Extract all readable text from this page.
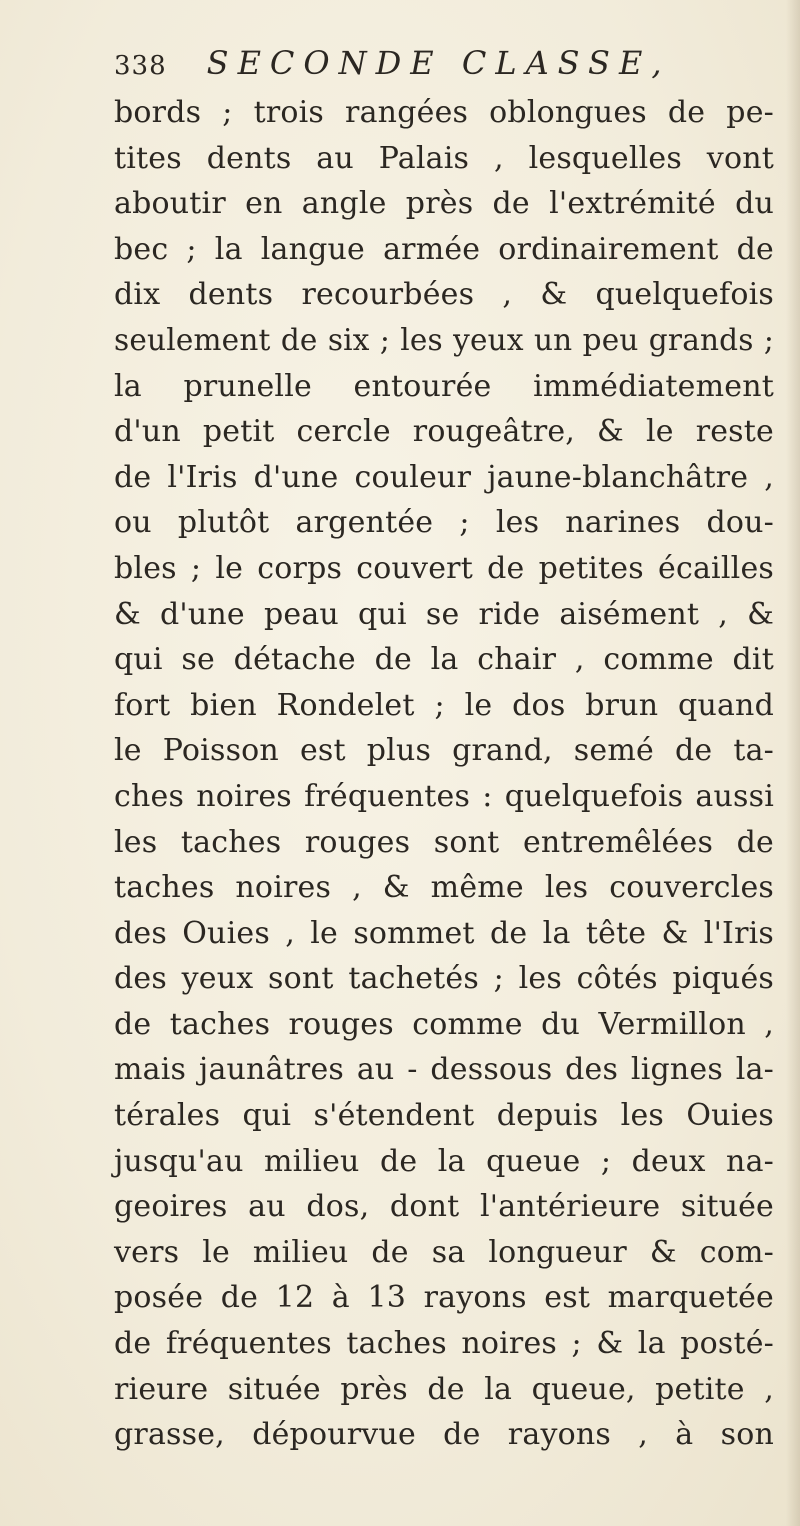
338 SECONDE CLASSE,
bords ; trois rangées oblongues de pe-
tites dents au Palais , lesquelles vont
aboutir en angle près de l'extrémité du
bec ; la langue armée ordinairement de
dix dents recourbées , & quelquefois
seulement de six ; les yeux un peu grands ;
la prunelle entourée immédiatement
d'un petit cercle rougeâtre, & le reste
de l'Iris d'une couleur jaune-blanchâtre ,
ou plutôt argentée ; les narines dou-
bles ; le corps couvert de petites écailles
& d'une peau qui se ride aisément , &
qui se détache de la chair , comme dit
fort bien Rondelet ; le dos brun quand
le Poisson est plus grand, semé de ta-
ches noires fréquentes : quelquefois aussi
les taches rouges sont entremêlées de
taches noires , & même les couvercles
des Ouies , le sommet de la tête & l'Iris
des yeux sont tachetés ; les côtés piqués
de taches rouges comme du Vermillon ,
mais jaunâtres au - dessous des lignes la-
térales qui s'étendent depuis les Ouies
jusqu'au milieu de la queue ; deux na-
geoires au dos, dont l'antérieure située
vers le milieu de sa longueur & com-
posée de 12 à 13 rayons est marquetée
de fréquentes taches noires ; & la posté-
rieure située près de la queue, petite ,
grasse, dépourvue de rayons , à son
